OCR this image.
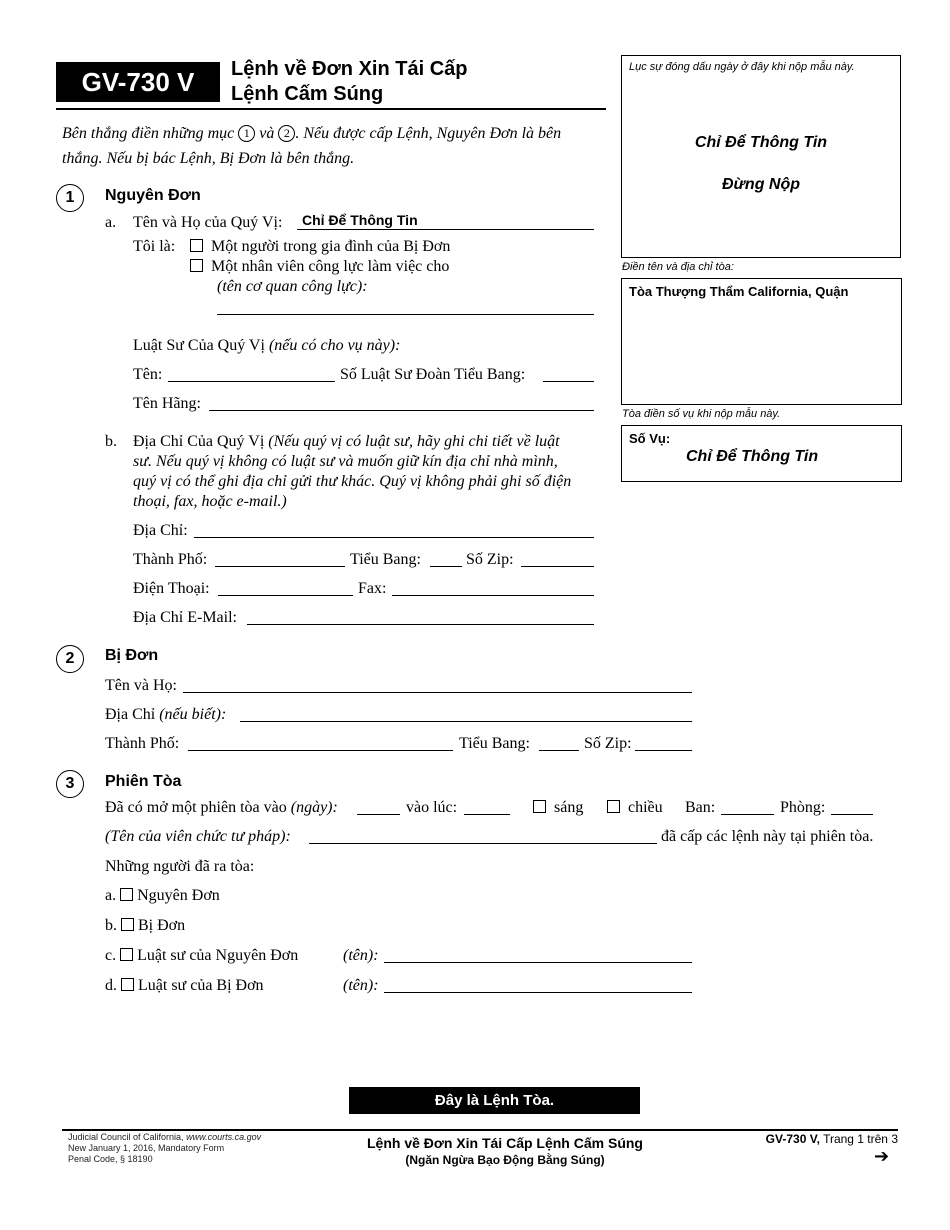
GV-730 V	Lệnh về Đơn Xin Tái Cấp
Lệnh Cấm Súng
Bên thắng điền những mục 1 và 2 . Nếu được cấp Lệnh, Nguyên Đơn là bên
thắng. Nếu bị bác Lệnh, Bị Đơn là bên thắng.
Lục sự đóng dấu ngày ở đây khi nộp mẫu này.
Chỉ Để Thông Tin
Đừng Nộp
Điền tên và địa chỉ tòa:
Tòa Thượng Thẩm California, Quận
Tòa điền số vụ khi nộp mẫu này.
Số Vụ:
Chỉ Để Thông Tin
1	Nguyên Đơn
a. Tên và Họ của Quý Vị: Chỉ Để Thông Tin
Tôi là:	Một người trong gia đình của Bị Đơn
Một nhân viên công lực làm việc cho
(tên cơ quan công lực):
Luật Sư Của Quý Vị (nếu có cho vụ này):
Tên:	Số Luật Sư Đoàn Tiểu Bang:
Tên Hãng:
b. Địa Chỉ Của Quý Vị (Nếu quý vị có luật sư, hãy ghi chi tiết về luật
sư. Nếu quý vị không có luật sư và muốn giữ kín địa chỉ nhà mình,
quý vị có thể ghi địa chỉ gửi thư khác. Quý vị không phải ghi số điện
thoại, fax, hoặc e-mail.)
Địa Chỉ:
Thành Phố:	Tiểu Bang:	Số Zip:
Điện Thoại:	Fax:
Địa Chỉ E-Mail:
2	Bị Đơn
Tên và Họ:
Địa Chỉ (nếu biết):
Thành Phố:	Tiểu Bang:	Số Zip:
3	Phiên Tòa
Đã có mở một phiên tòa vào (ngày):	vào lúc:	sáng	chiều Ban:	Phòng:
(Tên của viên chức tư pháp):	đã cấp các lệnh này tại phiên tòa.
Những người đã ra tòa:
a. Nguyên Đơn
b. Bị Đơn
c. Luật sư của Nguyên Đơn	(tên):
d. Luật sư của Bị Đơn	(tên):
Đây là Lệnh Tòa.
Judicial Council of California, www.courts.ca.gov
New January 1, 2016, Mandatory Form
Penal Code, § 18190
Lệnh về Đơn Xin Tái Cấp Lệnh Cấm Súng
(Ngăn Ngừa Bạo Động Bằng Súng)
GV-730 V, Trang 1 trên 3
➔
